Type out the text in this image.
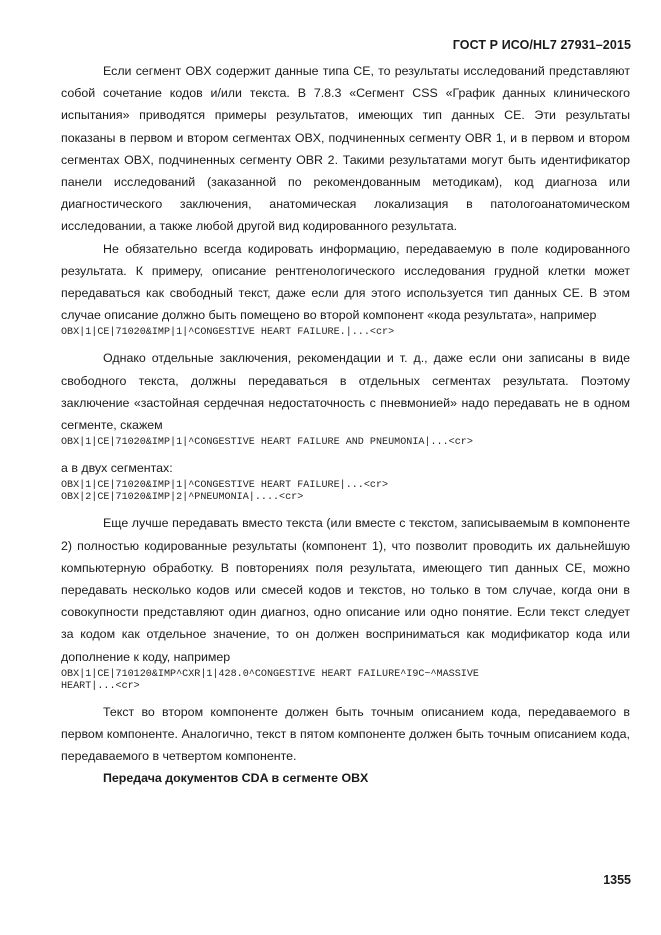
ГОСТ Р ИСО/HL7 27931–2015

Если сегмент OBX содержит данные типа CE, то результаты исследований представляют собой сочетание кодов и/или текста. В 7.8.3 «Сегмент CSS «График данных клинического испытания» приводятся примеры результатов, имеющих тип данных CE. Эти результаты показаны в первом и втором сегментах OBX, подчиненных сегменту OBR 1, и в первом и втором сегментах OBX, подчиненных сегменту OBR 2. Такими результатами могут быть идентификатор панели исследований (заказанной по рекомендованным методикам), код диагноза или диагностического заключения, анатомическая локализация в патологоанатомическом исследовании, а также любой другой вид кодированного результата.

Не обязательно всегда кодировать информацию, передаваемую в поле кодированного результата. К примеру, описание рентгенологического исследования грудной клетки может передаваться как свободный текст, даже если для этого используется тип данных CE. В этом случае описание должно быть помещено во второй компонент «кода результата», например

OBX|1|CE|71020&IMP|1|^CONGESTIVE HEART FAILURE.|...<cr>

Однако отдельные заключения, рекомендации и т. д., даже если они записаны в виде свободного текста, должны передаваться в отдельных сегментах результата. Поэтому заключение «застойная сердечная недостаточность с пневмонией» надо передавать не в одном сегменте, скажем

OBX|1|CE|71020&IMP|1|^CONGESTIVE HEART FAILURE AND PNEUMONIA|...<cr>

а в двух сегментах:

OBX|1|CE|71020&IMP|1|^CONGESTIVE HEART FAILURE|...<cr>
OBX|2|CE|71020&IMP|2|^PNEUMONIA|....<cr>

Еще лучше передавать вместо текста (или вместе с текстом, записываемым в компоненте 2) полностью кодированные результаты (компонент 1), что позволит проводить их дальнейшую компьютерную обработку. В повторениях поля результата, имеющего тип данных CE, можно передавать несколько кодов или смесей кодов и текстов, но только в том случае, когда они в совокупности представляют один диагноз, одно описание или одно понятие. Если текст следует за кодом как отдельное значение, то он должен восприниматься как модификатор кода или дополнение к коду, например

OBX|1|CE|710120&IMP^CXR|1|428.0^CONGESTIVE HEART FAILURE^I9C~^MASSIVE
HEART|...<cr>

Текст во втором компоненте должен быть точным описанием кода, передаваемого в первом компоненте. Аналогично, текст в пятом компоненте должен быть точным описанием кода, передаваемого в четвертом компоненте.

Передача документов CDA в сегменте OBX
1355
